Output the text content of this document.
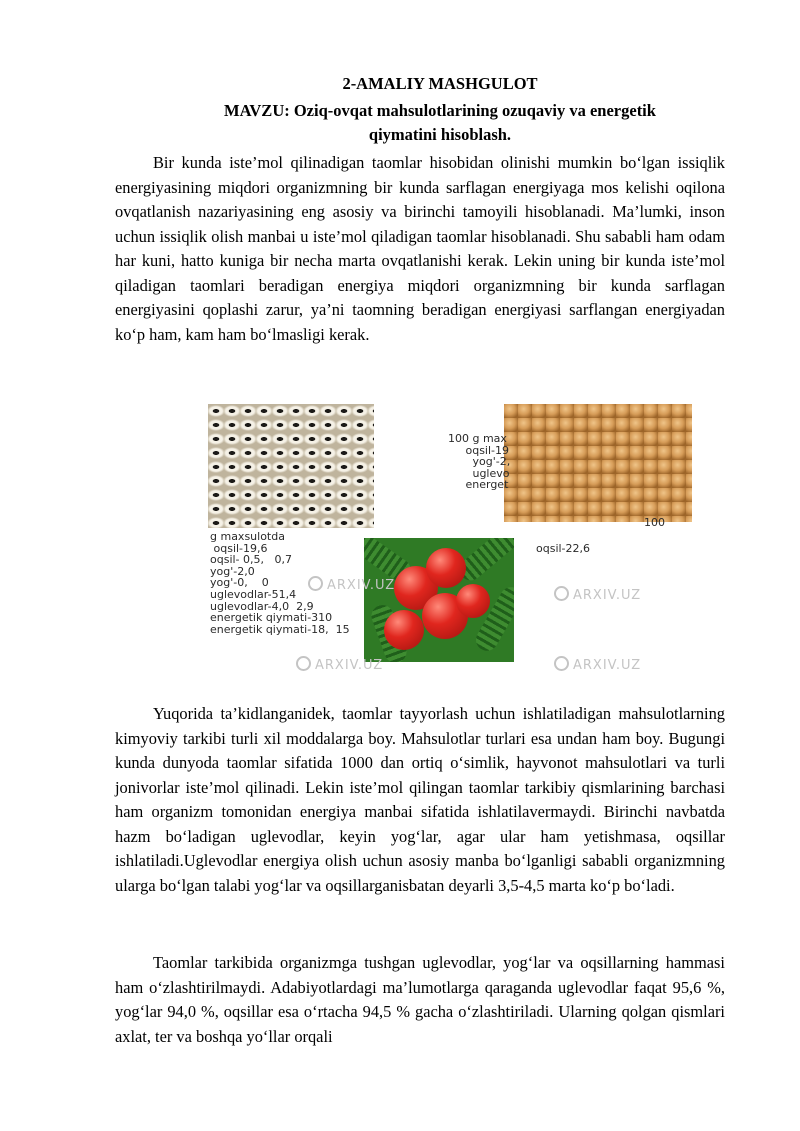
2-AMALIY MASHGULOT
MAVZU: Oziq-ovqat mahsulotlarining ozuqaviy va energetik
qiymatini hisoblash.

Bir kunda iste’mol qilinadigan taomlar hisobidan olinishi mumkin bo‘lgan issiqlik energiyasining miqdori organizmning bir kunda sarflagan energiyaga mos kelishi oqilona ovqatlanish nazariyasining eng asosiy va birinchi tamoyili hisoblanadi. Ma’lumki, inson uchun issiqlik olish manbai u iste’mol qiladigan taomlar hisoblanadi. Shu sababli ham odam har kuni, hatto kuniga bir necha marta ovqatlanishi kerak. Lekin uning bir kunda iste’mol qiladigan taomlari beradigan energiya miqdori organizmning bir kunda sarflagan energiyasini qoplashi zarur, ya’ni taomning beradigan energiyasi sarflangan energiyadan ko‘p ham, kam ham bo‘lmasligi kerak.

g maxsulotda
oqsil-19,6
oqsil- 0,5,   0,7
yog'-2,0
yog'-0,    0
uglevodlar-51,4
uglevodlar-4,0  2,9
energetik qiymati-310
energetik qiymati-18,  15
100 g max
oqsil-19
yog'-2,
uglevo
energet
oqsil-22,6
100
ARXIV.UZ
ARXIV.UZ
ARXIV.UZ	ARXIV.UZ

Yuqorida ta’kidlanganidek, taomlar tayyorlash uchun ishlatiladigan mahsulotlarning kimyoviy tarkibi turli xil moddalarga boy. Mahsulotlar turlari esa undan ham boy. Bugungi kunda dunyoda taomlar sifatida 1000 dan ortiq o‘simlik, hayvonot mahsulotlari va turli jonivorlar iste’mol qilinadi. Lekin iste’mol qilingan taomlar tarkibiy qismlarining barchasi ham organizm tomonidan energiya manbai sifatida ishlatilavermaydi. Birinchi navbatda hazm bo‘ladigan uglevodlar, keyin yog‘lar, agar ular ham yetishmasa, oqsillar ishlatiladi.Uglevodlar energiya olish uchun asosiy manba bo‘lganligi sababli organizmning ularga bo‘lgan talabi yog‘lar va oqsillarganisbatan deyarli 3,5-4,5 marta ko‘p bo‘ladi.

Taomlar tarkibida organizmga tushgan uglevodlar, yog‘lar va oqsillarning hammasi ham o‘zlashtirilmaydi. Adabiyotlardagi ma’lumotlarga qaraganda uglevodlar faqat 95,6 %, yog‘lar 94,0 %, oqsillar esa o‘rtacha 94,5 % gacha o‘zlashtiriladi. Ularning qolgan qismlari axlat, ter va boshqa yo‘llar orqali
